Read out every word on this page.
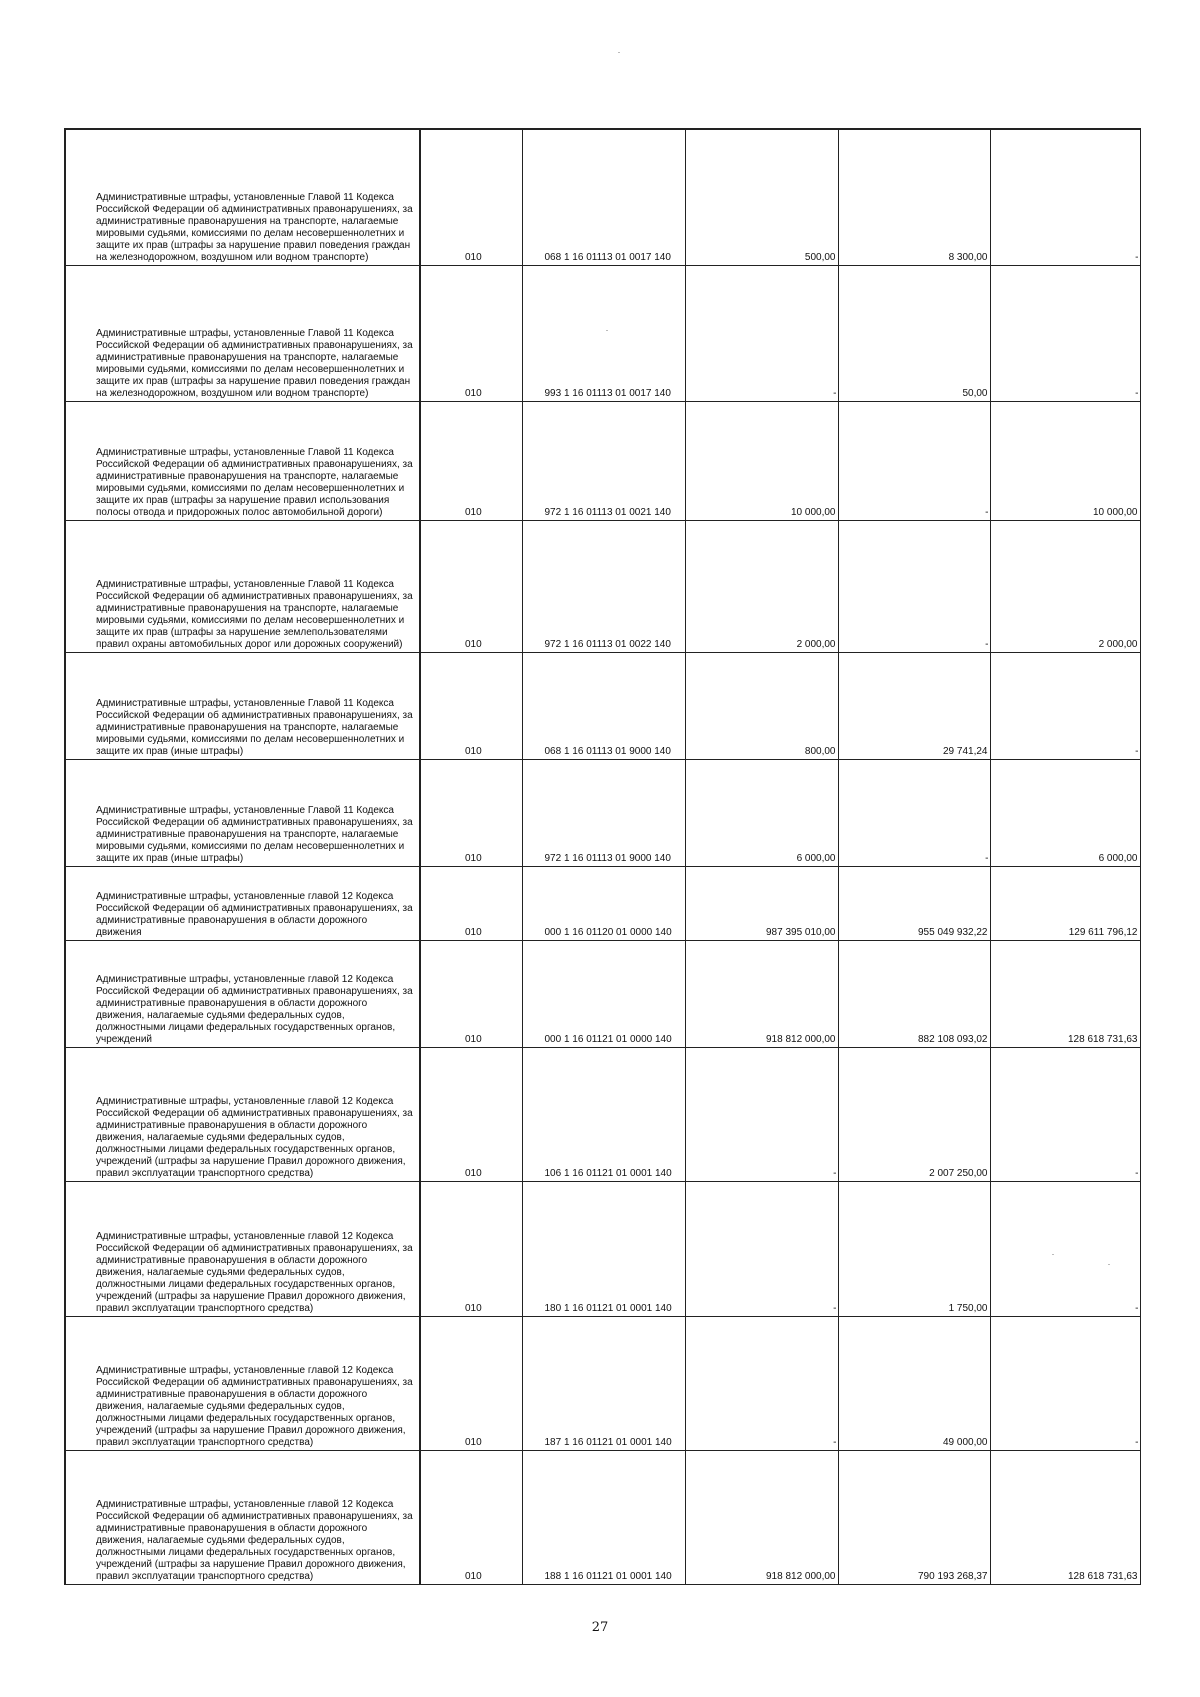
Административные штрафы, установленные Главой 11 Кодекса Российской Федерации об административных правонарушениях, за административные правонарушения на транспорте, налагаемые мировыми судьями, комиссиями по делам несовершеннолетних и защите их прав (штрафы за нарушение правил поведения граждан на железнодорожном, воздушном или водном транспорте)	010	068 1 16 01113 01 0017 140	500,00	8 300,00	-

Административные штрафы, установленные Главой 11 Кодекса Российской Федерации об административных правонарушениях, за административные правонарушения на транспорте, налагаемые мировыми судьями, комиссиями по делам несовершеннолетних и защите их прав (штрафы за нарушение правил поведения граждан на железнодорожном, воздушном или водном транспорте)	010	993 1 16 01113 01 0017 140	-	50,00	-

Административные штрафы, установленные Главой 11 Кодекса Российской Федерации об административных правонарушениях, за административные правонарушения на транспорте, налагаемые мировыми судьями, комиссиями по делам несовершеннолетних и защите их прав (штрафы за нарушение правил использования полосы отвода и придорожных полос автомобильной дороги)	010	972 1 16 01113 01 0021 140	10 000,00	-	10 000,00

Административные штрафы, установленные Главой 11 Кодекса Российской Федерации об административных правонарушениях, за административные правонарушения на транспорте, налагаемые мировыми судьями, комиссиями по делам несовершеннолетних и защите их прав (штрафы за нарушение землепользователями правил охраны автомобильных дорог или дорожных сооружений)	010	972 1 16 01113 01 0022 140	2 000,00	-	2 000,00

Административные штрафы, установленные Главой 11 Кодекса Российской Федерации об административных правонарушениях, за административные правонарушения на транспорте, налагаемые мировыми судьями, комиссиями по делам несовершеннолетних и защите их прав (иные штрафы)	010	068 1 16 01113 01 9000 140	800,00	29 741,24	-

Административные штрафы, установленные Главой 11 Кодекса Российской Федерации об административных правонарушениях, за административные правонарушения на транспорте, налагаемые мировыми судьями, комиссиями по делам несовершеннолетних и защите их прав (иные штрафы)	010	972 1 16 01113 01 9000 140	6 000,00	-	6 000,00

Административные штрафы, установленные главой 12 Кодекса Российской Федерации об административных правонарушениях, за административные правонарушения в области дорожного движения	010	000 1 16 01120 01 0000 140	987 395 010,00	955 049 932,22	129 611 796,12

Административные штрафы, установленные главой 12 Кодекса Российской Федерации об административных правонарушениях, за административные правонарушения в области дорожного движения, налагаемые судьями федеральных судов, должностными лицами федеральных государственных органов, учреждений	010	000 1 16 01121 01 0000 140	918 812 000,00	882 108 093,02	128 618 731,63

Административные штрафы, установленные главой 12 Кодекса Российской Федерации об административных правонарушениях, за административные правонарушения в области дорожного движения, налагаемые судьями федеральных судов, должностными лицами федеральных государственных органов, учреждений (штрафы за нарушение Правил дорожного движения, правил эксплуатации транспортного средства)	010	106 1 16 01121 01 0001 140	-	2 007 250,00	-

Административные штрафы, установленные главой 12 Кодекса Российской Федерации об административных правонарушениях, за административные правонарушения в области дорожного движения, налагаемые судьями федеральных судов, должностными лицами федеральных государственных органов, учреждений (штрафы за нарушение Правил дорожного движения, правил эксплуатации транспортного средства)	010	180 1 16 01121 01 0001 140	-	1 750,00	-

Административные штрафы, установленные главой 12 Кодекса Российской Федерации об административных правонарушениях, за административные правонарушения в области дорожного движения, налагаемые судьями федеральных судов, должностными лицами федеральных государственных органов, учреждений (штрафы за нарушение Правил дорожного движения, правил эксплуатации транспортного средства)	010	187 1 16 01121 01 0001 140	-	49 000,00	-

Административные штрафы, установленные главой 12 Кодекса Российской Федерации об административных правонарушениях, за административные правонарушения в области дорожного движения, налагаемые судьями федеральных судов, должностными лицами федеральных государственных органов, учреждений (штрафы за нарушение Правил дорожного движения, правил эксплуатации транспортного средства)	010	188 1 16 01121 01 0001 140	918 812 000,00	790 193 268,37	128 618 731,63
27
